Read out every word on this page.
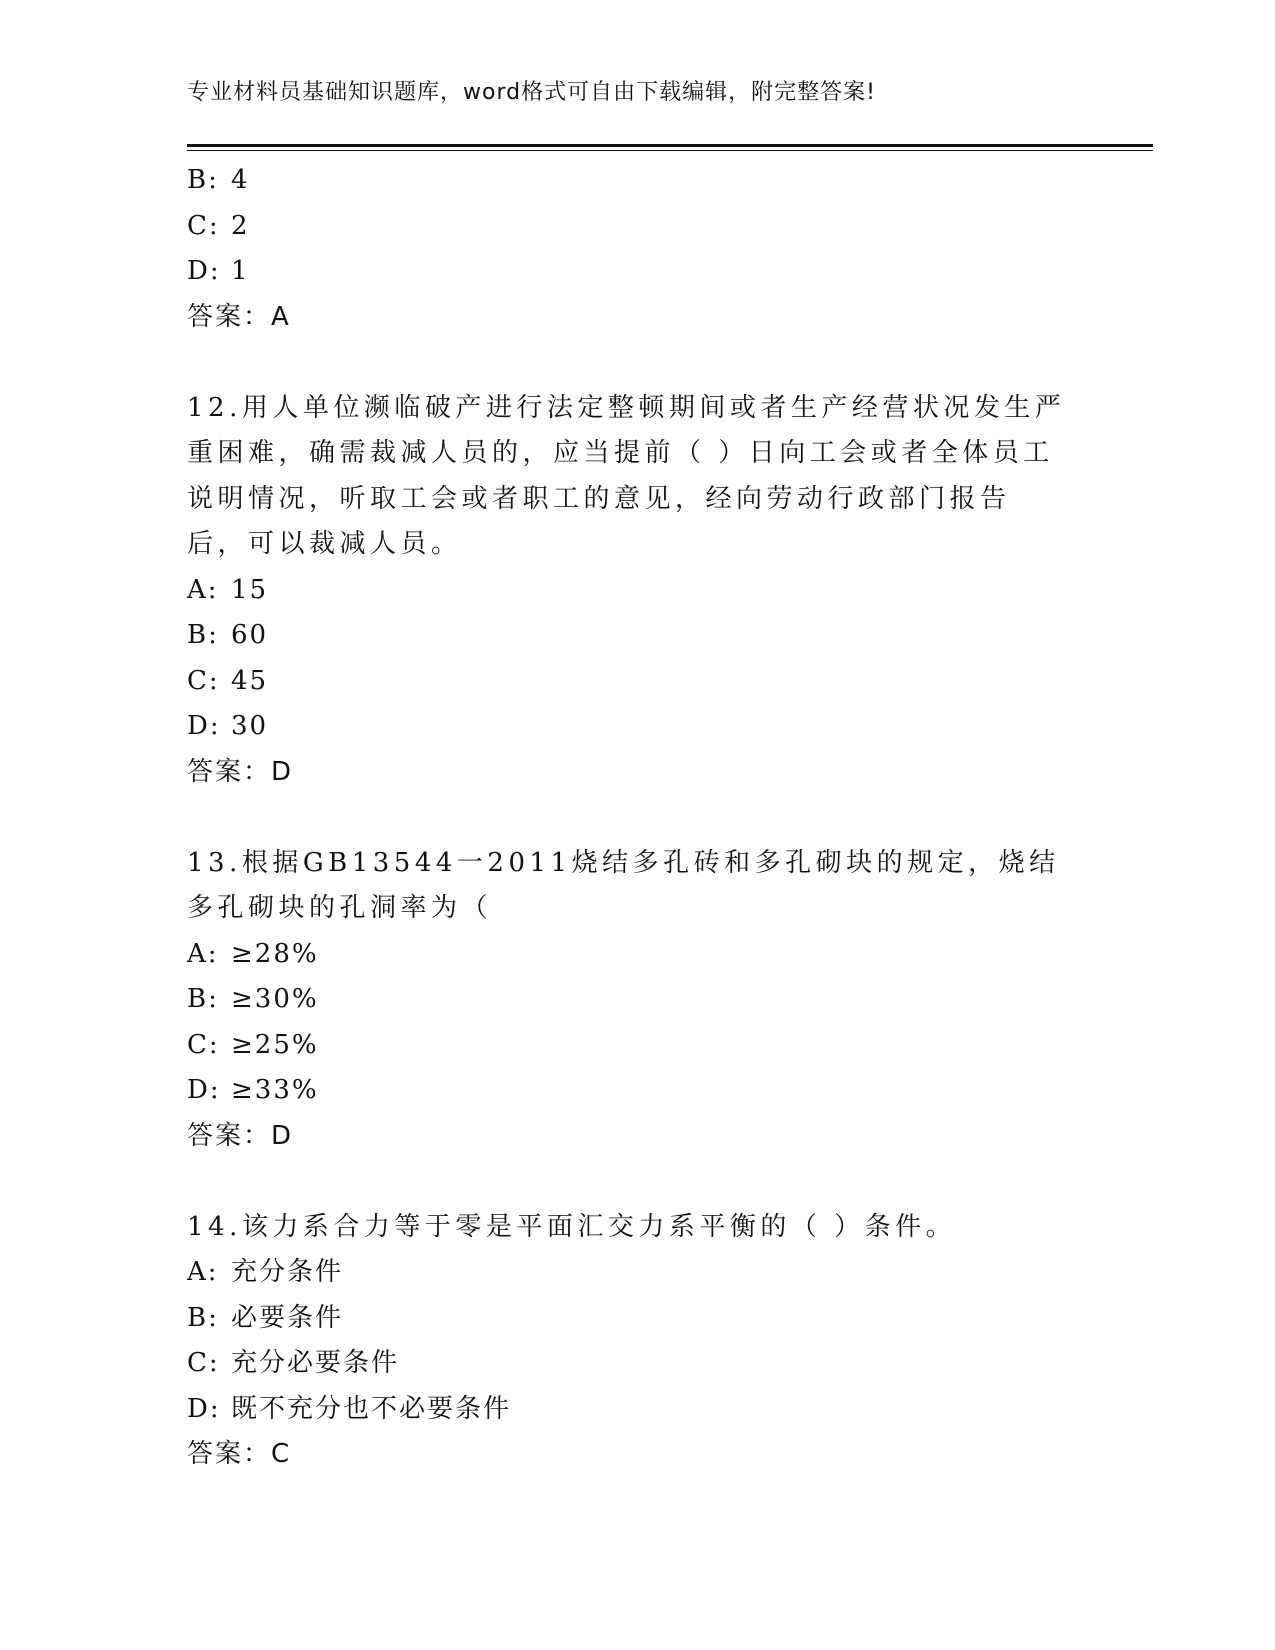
专业材料员基础知识题库，word格式可自由下载编辑，附完整答案!
B: 4
C: 2
D: 1
答案：A
12.用人单位濒临破产进行法定整顿期间或者生产经营状况发生严重困难，确需裁减人员的，应当提前（ ）日向工会或者全体员工说明情况，听取工会或者职工的意见，经向劳动行政部门报告后，可以裁减人员。
A: 15
B: 60
C: 45
D: 30
答案：D
13.根据GB13544一2011烧结多孔砖和多孔砌块的规定，烧结多孔砌块的孔洞率为（
A: ≥28%
B: ≥30%
C: ≥25%
D: ≥33%
答案：D
14.该力系合力等于零是平面汇交力系平衡的（ ）条件。
A: 充分条件
B: 必要条件
C: 充分必要条件
D: 既不充分也不必要条件
答案：C
